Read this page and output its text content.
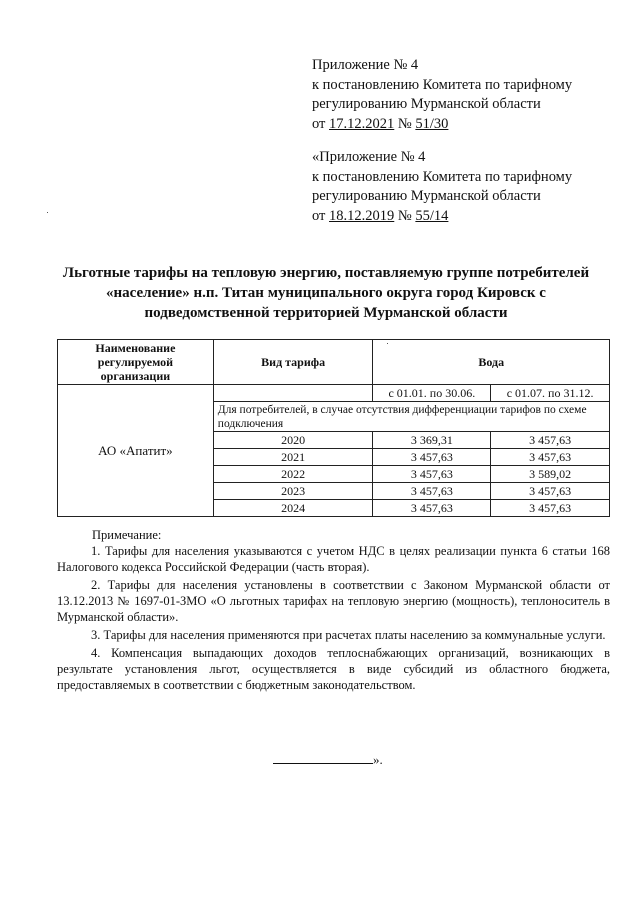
Приложение № 4
к постановлению Комитета по тарифному
регулированию Мурманской области
от 17.12.2021 № 51/30
«Приложение № 4
к постановлению Комитета по тарифному
регулированию Мурманской области
от 18.12.2019 № 55/14
Льготные тарифы на тепловую энергию, поставляемую группе потребителей
«население» н.п. Титан муниципального округа город Кировск с
подведомственной территорией Мурманской области
Наименование регулируемой организации	Вид тарифа	Вода	
АО «Апатит»		с 01.01. по 30.06.	с 01.07. по 31.12.
	Для потребителей, в случае отсутствия дифференциации тарифов по схеме подключения		
	2020	3 369,31	3 457,63
	2021	3 457,63	3 457,63
	2022	3 457,63	3 589,02
	2023	3 457,63	3 457,63
	2024	3 457,63	3 457,63
Примечание:

1. Тарифы для населения указываются с учетом НДС в целях реализации пункта 6 статьи 168 Налогового кодекса Российской Федерации (часть вторая).

2. Тарифы для населения установлены в соответствии с Законом Мурманской области от 13.12.2013 № 1697-01-ЗМО «О льготных тарифах на тепловую энергию (мощность), теплоноситель в Мурманской области».

3. Тарифы для населения применяются при расчетах платы населению за коммунальные услуги.

4. Компенсация выпадающих доходов теплоснабжающих организаций, возникающих в результате установления льгот, осуществляется в виде субсидий из областного бюджета, предоставляемых в соответствии с бюджетным законодательством.

».
